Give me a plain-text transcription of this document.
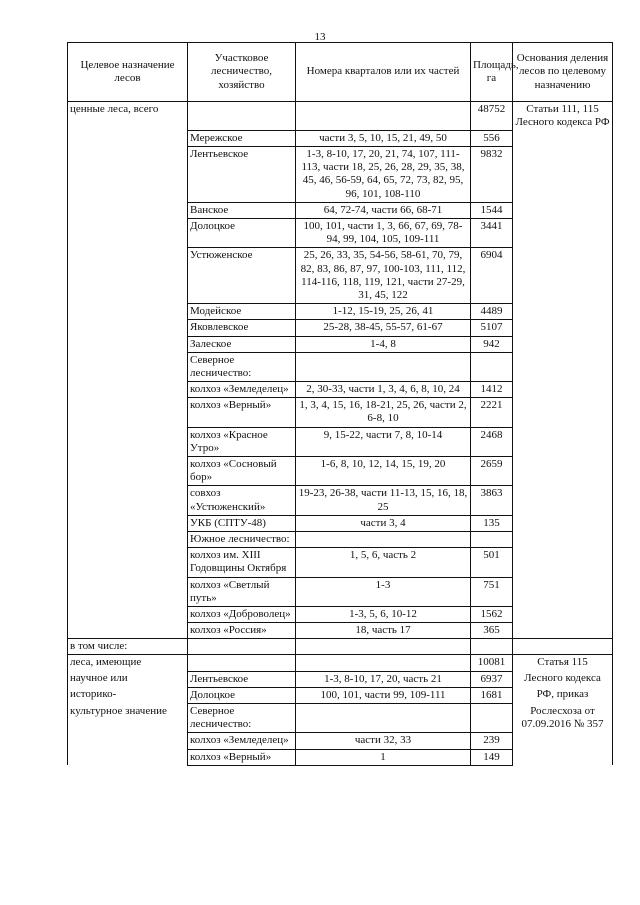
13
Целевое назначение лесов	Участковое лесничество, хозяйство	Номера кварталов или их частей	Площадь, га	Основания деления лесов по целевому назначению
ценные леса, всего			48752	Статьи 111, 115 Лесного кодекса РФ
	Мережское	части 3, 5, 10, 15, 21, 49, 50	556	
	Лентьевское	1-3, 8-10, 17, 20, 21, 74, 107, 111-113, части 18, 25, 26, 28, 29, 35, 38, 45, 46, 56-59, 64, 65, 72, 73, 82, 95, 96, 101, 108-110	9832	
	Ванское	64, 72-74, части 66, 68-71	1544	
	Долоцкое	100, 101, части 1, 3, 66, 67, 69, 78-94, 99, 104, 105, 109-111	3441	
	Устюженское	25, 26, 33, 35, 54-56, 58-61, 70, 79, 82, 83, 86, 87, 97, 100-103, 111, 112, 114-116, 118, 119, 121, части 27-29, 31, 45, 122	6904	
	Модейское	1-12, 15-19, 25, 26, 41	4489	
	Яковлевское	25-28, 38-45, 55-57, 61-67	5107	
	Залеское	1-4, 8	942	
	Северное лесничество:			
	колхоз «Земледелец»	2, 30-33, части 1, 3, 4, 6, 8, 10, 24	1412	
	колхоз «Верный»	1, 3, 4, 15, 16, 18-21, 25, 26, части 2, 6-8, 10	2221	
	колхоз «Красное Утро»	9, 15-22, части 7, 8, 10-14	2468	
	колхоз «Сосновый бор»	1-6, 8, 10, 12, 14, 15, 19, 20	2659	
	совхоз «Устюженский»	19-23, 26-38, части 11-13, 15, 16, 18, 25	3863	
	УКБ (СПТУ-48)	части 3, 4	135	
	Южное лесничество:			
	колхоз им. XIII Годовщины Октября	1, 5, 6, часть 2	501	
	колхоз «Светлый путь»	1-3	751	
	колхоз «Доброволец»	1-3, 5, 6, 10-12	1562	
	колхоз «Россия»	18, часть 17	365	
в том числе:				
леса, имеющие			10081	Статья 115
научное или	Лентьевское	1-3, 8-10, 17, 20, часть 21	6937	Лесного кодекса
историко-	Долоцкое	100, 101, части 99, 109-111	1681	РФ, приказ
культурное значение	Северное лесничество:			Рослесхоза от 07.09.2016 № 357
	колхоз «Земледелец»	части 32, 33	239	
	колхоз «Верный»	1	149	
